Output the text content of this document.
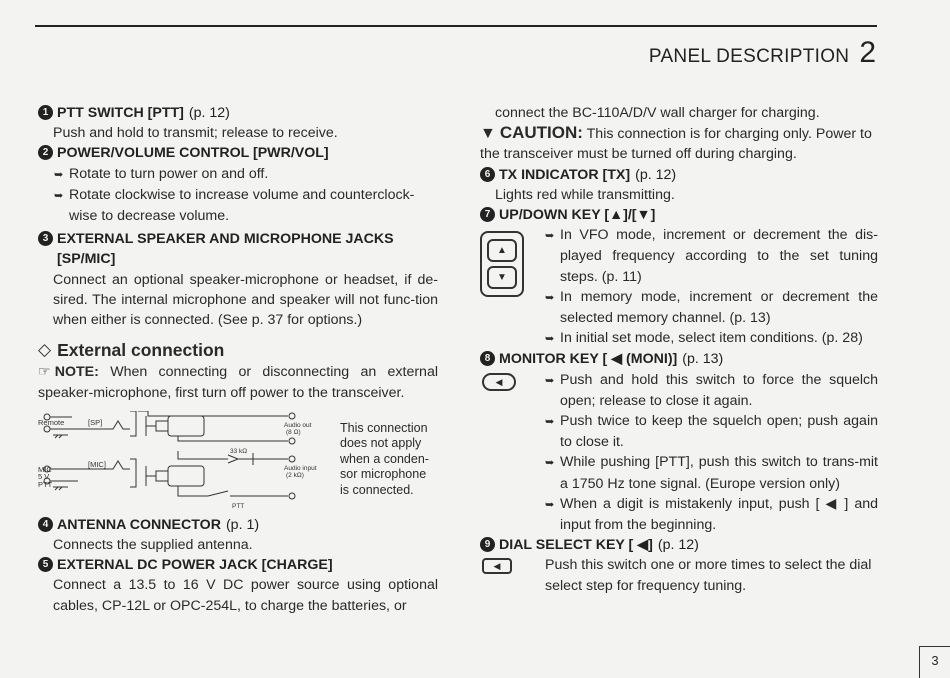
PANEL DESCRIPTION 2
1 PTT SWITCH [PTT] (p. 12)
Push and hold to transmit; release to receive.
2 POWER/VOLUME CONTROL [PWR/VOL]
➥ Rotate to turn power on and off.
➥ Rotate clockwise to increase volume and counterclock-wise to decrease volume.
3 EXTERNAL SPEAKER AND MICROPHONE JACKS [SP/MIC]
Connect an optional speaker-microphone or headset, if de-sired. The internal microphone and speaker will not func-tion when either is connected. (See p. 37 for options.)
◇ External connection
☞ NOTE: When connecting or disconnecting an external speaker-microphone, first turn off power to the transceiver.
Remote	[SP]
MIC
[MIC]
5 V
PTT
Audio out
(8 Ω)
33 kΩ
Audio input
(2 kΩ)
PTT
This connection does not apply when a conden-sor microphone is connected.
4 ANTENNA CONNECTOR (p. 1)
Connects the supplied antenna.
5 EXTERNAL DC POWER JACK [CHARGE]
Connect a 13.5 to 16 V DC power source using optional cables, CP-12L or OPC-254L, to charge the batteries, or
connect the BC-110A/D/V wall charger for charging.
▼ CAUTION: This connection is for charging only. Power to the transceiver must be turned off during charging.
6 TX INDICATOR [TX] (p. 12)
Lights red while transmitting.
7 UP/DOWN KEY [▲]/[▼]
▲
▼
➥ In VFO mode, increment or decrement the dis-played frequency according to the set tuning steps. (p. 11)
➥ In memory mode, increment or decrement the selected memory channel. (p. 13)
➥ In initial set mode, select item conditions. (p. 28)
8 MONITOR KEY [ ◀ (MONI)] (p. 13)
◀
➥	Push and hold this switch to force the squelch open; release to close it again.
➥ Push twice to keep the squelch open; push again to close it.
➥ While pushing [PTT], push this switch to trans-mit a 1750 Hz tone signal. (Europe version only)
➥ When a digit is mistakenly input, push [ ◀ ] and input from the beginning.
9 DIAL SELECT KEY [ ◀] (p. 12)
◀	Push this switch one or more times to select the dial select step for frequency tuning.
3
